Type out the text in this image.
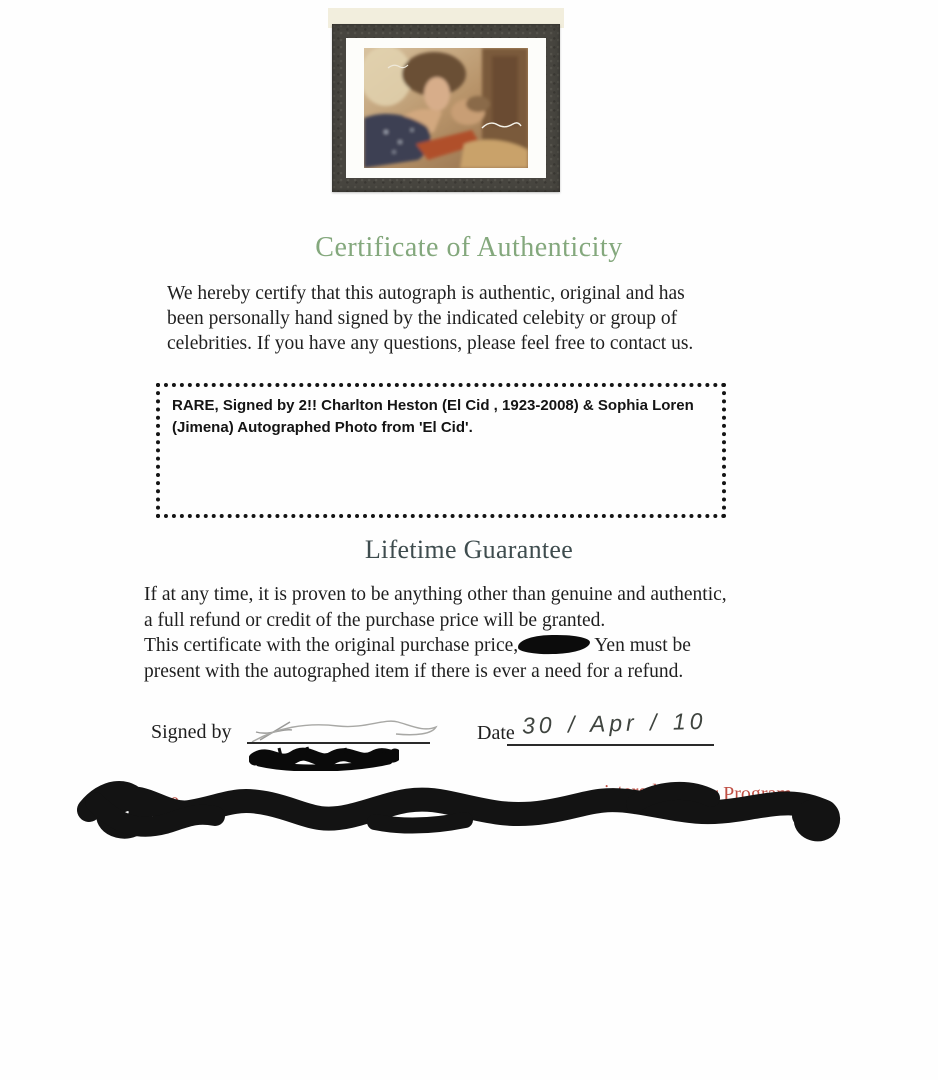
Certificate of Authenticity
We hereby certify that this autograph is authentic, original and has
been personally hand signed by the indicated celebity or group of
celebrities. If you have any questions, please feel free to contact us.
RARE, Signed by 2!! Charlton Heston (El Cid , 1923-2008) & Sophia Loren (Jimena) Autographed Photo from 'El Cid'.
Lifetime Guarantee
If at any time, it is proven to be anything other than genuine and authentic,
a full refund or credit of the purchase price will be granted.
This certificate with the original purchase price,	Yen must be
present with the autographed item if there is ever a need for a refund.
Signed by	Date 30 / Apr / 10
C e	istered D ler Program
